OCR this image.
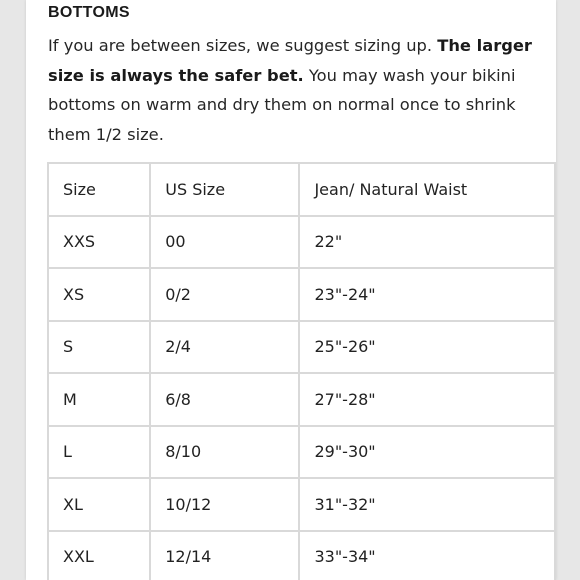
BOTTOMS

If you are between sizes, we suggest sizing up. The larger size is always the safer bet. You may wash your bikini bottoms on warm and dry them on normal once to shrink them 1/2 size.

Size	US Size	Jean/ Natural Waist
XXS	00	22"
XS	0/2	23"-24"
S	2/4	25"-26"
M	6/8	27"-28"
L	8/10	29"-30"
XL	10/12	31"-32"
XXL	12/14	33"-34"
